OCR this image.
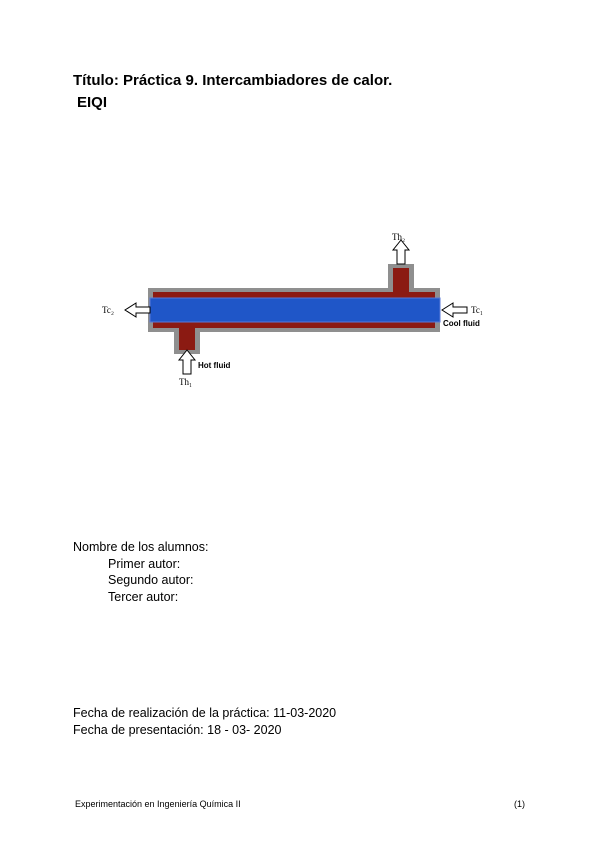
Título: Práctica 9. Intercambiadores de calor.
EIQI
Th₂
Tc₂	Tc₁
Cool fluid
Hot fluid
Th₁
Nombre de los alumnos:
Primer autor:
Segundo autor:
Tercer autor:
Fecha de realización de la práctica: 11-03-2020
Fecha de presentación: 18 - 03- 2020
Experimentación en Ingeniería Química II	(1)
